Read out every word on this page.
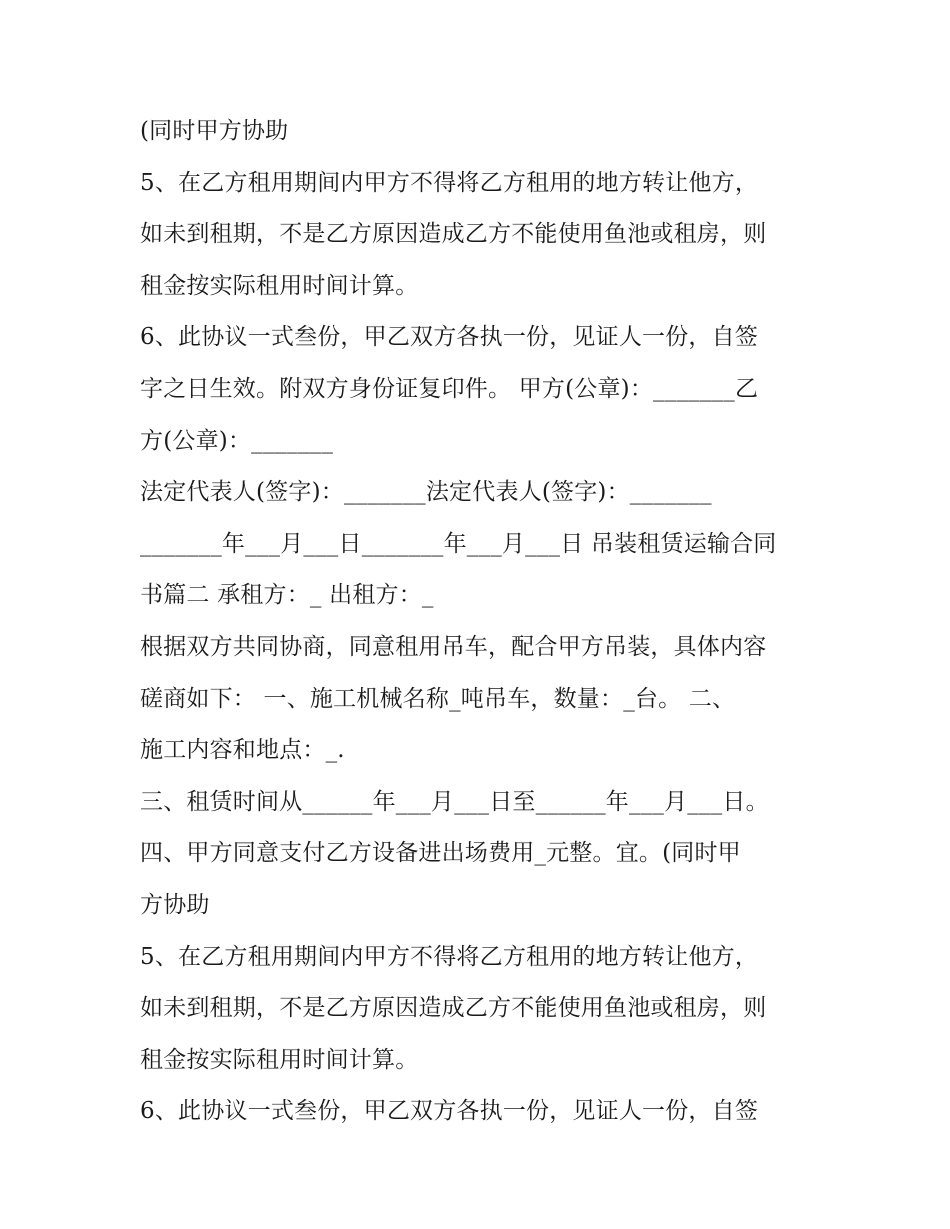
(同时甲方协助
5、在乙方租用期间内甲方不得将乙方租用的地方转让他方，
如未到租期，不是乙方原因造成乙方不能使用鱼池或租房，则
租金按实际租用时间计算。
6、此协议一式叁份，甲乙双方各执一份，见证人一份，自签
字之日生效。附双方身份证复印件。 甲方(公章)：_______乙
方(公章)：_______
法定代表人(签字)：_______法定代表人(签字)：_______
_______年___月___日_______年___月___日 吊装租赁运输合同
书篇二 承租方：_ 出租方：_
根据双方共同协商，同意租用吊车，配合甲方吊装，具体内容
磋商如下： 一、施工机械名称_吨吊车，数量：_台。 二、
施工内容和地点：_.
三、租赁时间从______年___月___日至______年___月___日。
四、甲方同意支付乙方设备进出场费用_元整。宜。(同时甲
方协助
5、在乙方租用期间内甲方不得将乙方租用的地方转让他方，
如未到租期，不是乙方原因造成乙方不能使用鱼池或租房，则
租金按实际租用时间计算。
6、此协议一式叁份，甲乙双方各执一份，见证人一份，自签
